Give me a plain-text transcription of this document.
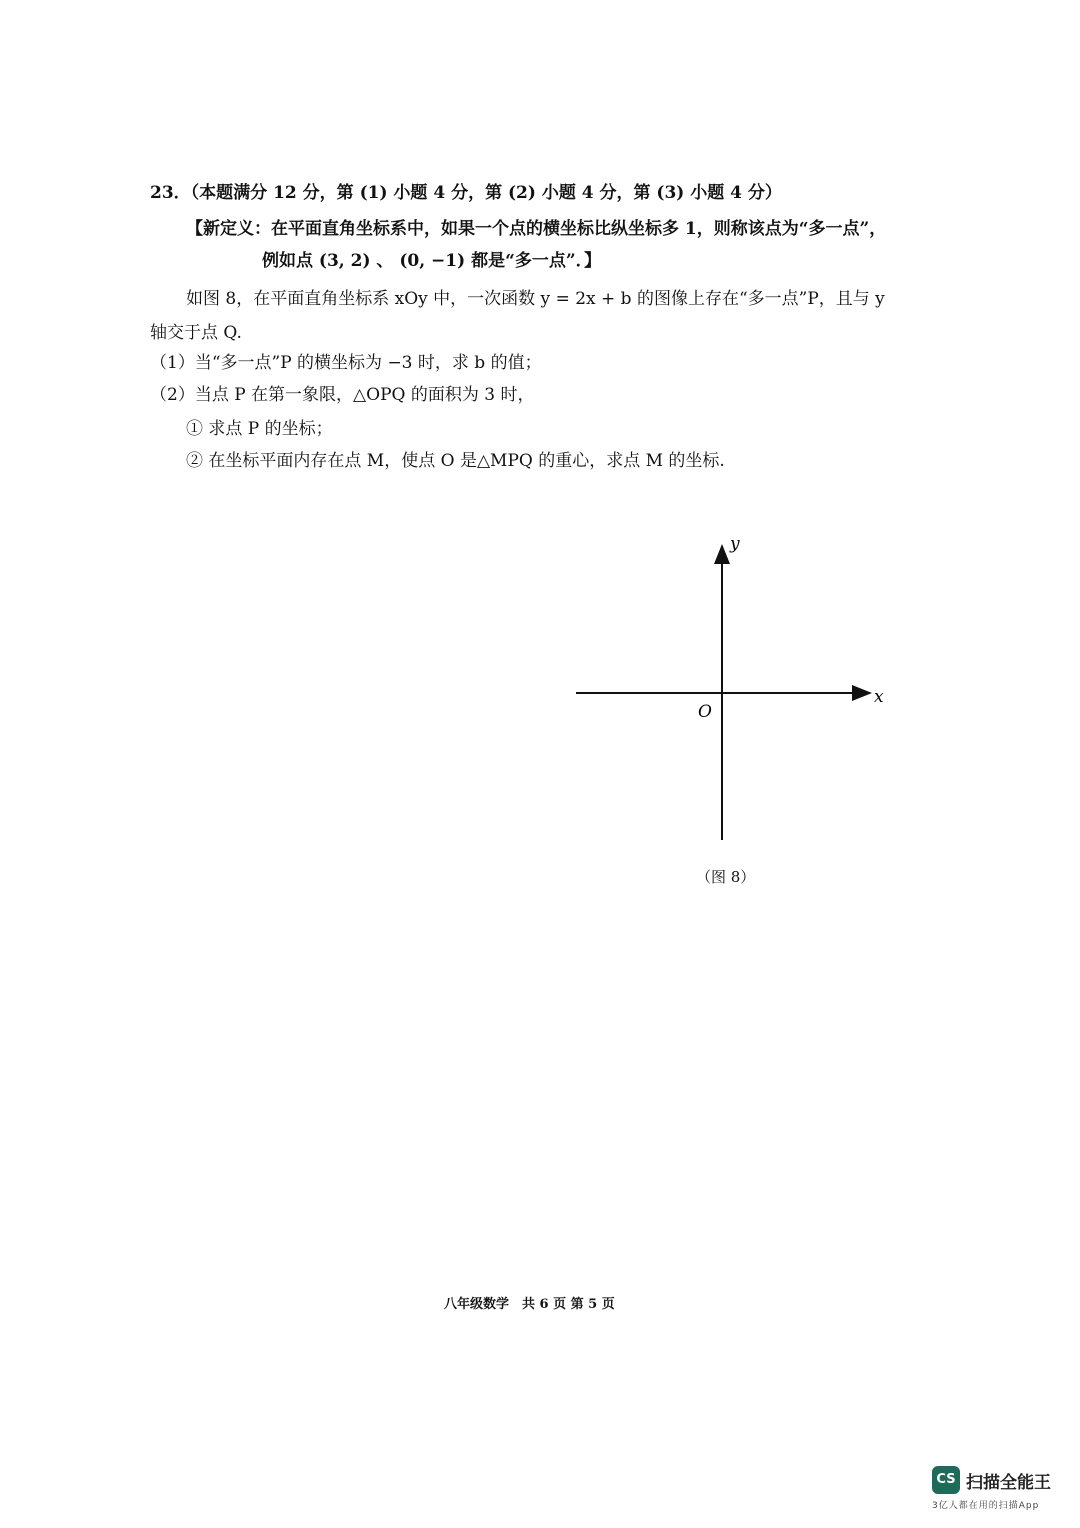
23．（本题满分 12 分，第 (1) 小题 4 分，第 (2) 小题 4 分，第 (3) 小题 4 分）
【新定义：在平面直角坐标系中，如果一个点的横坐标比纵坐标多 1，则称该点为“多一点”，
例如点 (3, 2) 、 (0, −1) 都是“多一点”．】
如图 8，在平面直角坐标系 xOy 中，一次函数 y = 2x + b 的图像上存在“多一点”P，且与 y
轴交于点 Q.
（1）当“多一点”P 的横坐标为 −3 时，求 b 的值；
（2）当点 P 在第一象限，△OPQ 的面积为 3 时，
① 求点 P 的坐标；
② 在坐标平面内存在点 M，使点 O 是△MPQ 的重心，求点 M 的坐标.
y
x
O
（图 8）
八年级数学　共 6 页 第 5 页
CS 扫描全能王
3亿人都在用的扫描App
